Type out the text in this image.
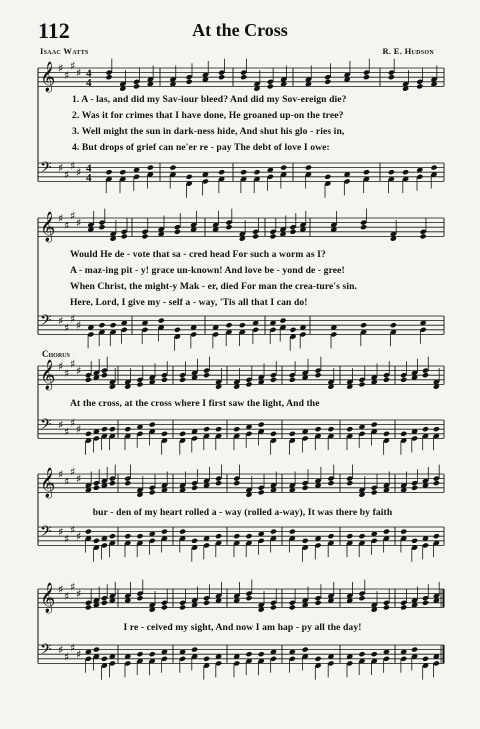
112	At the Cross
Isaac Watts	R. E. Hudson
𝄞 ♯
♯
♯
♯ 4
4
𝄢 ♯
♯
♯
♯ 4
4
𝄞 ♯
♯
♯
♯
𝄢 ♯
♯
♯
♯
𝄞 ♯
♯
♯
♯
𝄢 ♯
♯
♯
♯
𝄞 ♯
♯
♯
♯
𝄢 ♯
♯
♯
♯
𝄞 ♯
♯
♯
♯
𝄢 ♯
♯
♯
♯
1. A - las, and did my Sav-iour bleed? And did my Sov-ereign die?
2. Was it for crimes that I have done, He groaned up-on the tree?
3. Well might the sun in dark-ness hide, And shut his glo - ries in,
4. But drops of grief can ne'er re - pay The debt of love I owe:
Would He de - vote that sa - cred head For such a worm as I?
A - maz-ing pit - y! grace un-known! And love be - yond de - gree!
When Christ, the might-y Mak - er, died For man the crea-ture's sin.
Here, Lord, I give my - self a - way, 'Tis all that I can do!
Chorus
At the cross, at the cross where I first saw the light, And the
bur - den of my heart rolled a - way (rolled a-way), It was there by faith
I re - ceived my sight, And now I am hap - py all the day!
